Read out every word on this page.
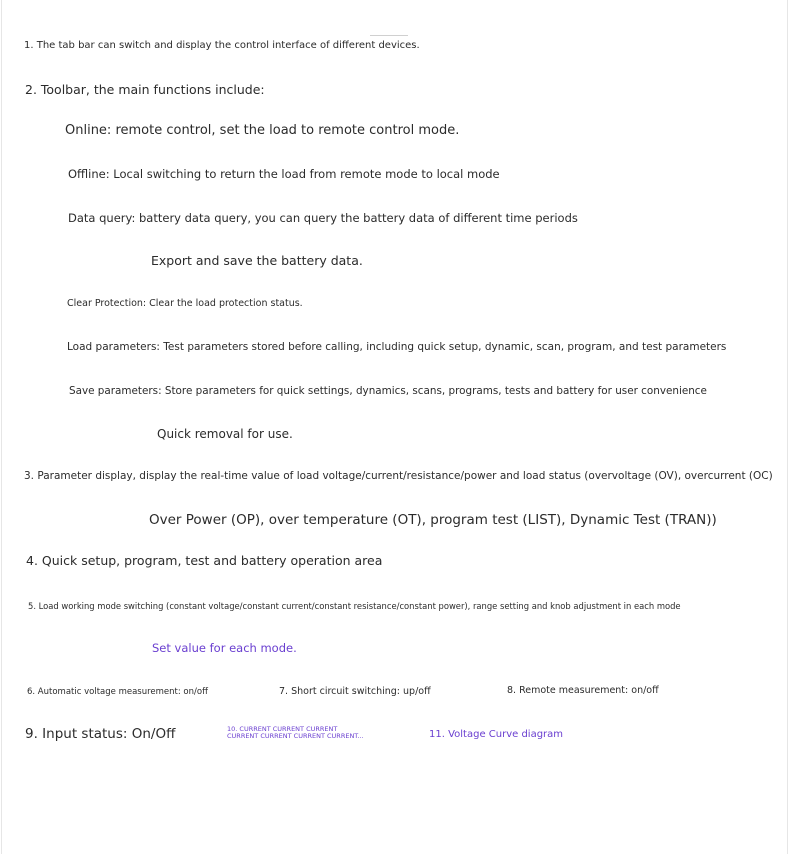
1. The tab bar can switch and display the control interface of different devices.
2. Toolbar, the main functions include:
Online: remote control, set the load to remote control mode.
Offline: Local switching to return the load from remote mode to local mode
Data query: battery data query, you can query the battery data of different time periods
Export and save the battery data.
Clear Protection: Clear the load protection status.
Load parameters: Test parameters stored before calling, including quick setup, dynamic, scan, program, and test parameters
Save parameters: Store parameters for quick settings, dynamics, scans, programs, tests and battery for user convenience
Quick removal for use.
3. Parameter display, display the real-time value of load voltage/current/resistance/power and load status (overvoltage (OV), overcurrent (OC)
Over Power (OP), over temperature (OT), program test (LIST), Dynamic Test (TRAN))
4. Quick setup, program, test and battery operation area
5. Load working mode switching (constant voltage/constant current/constant resistance/constant power), range setting and knob adjustment in each mode
Set value for each mode.
6. Automatic voltage measurement: on/off	7. Short circuit switching: up/off	8. Remote measurement: on/off
9. Input status: On/Off	10. CURRENT CURRENT CURRENT CURRENT CURRENT CURRENT CURRENT...	11. Voltage Curve diagram
